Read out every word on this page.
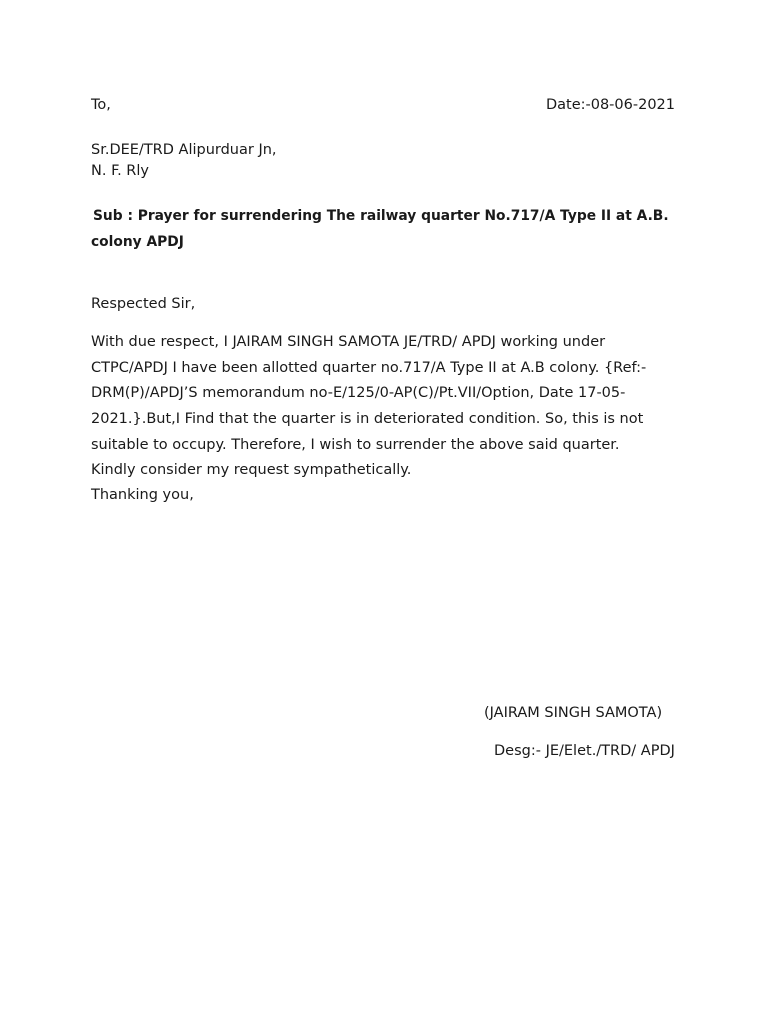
To,	Date:-08-06-2021
Sr.DEE/TRD Alipurduar Jn,
N. F. Rly
Sub : Prayer for surrendering The railway quarter No.717/A Type II at A.B.
colony APDJ
Respected Sir,
With due respect, I JAIRAM SINGH SAMOTA JE/TRD/ APDJ working under
CTPC/APDJ I have been allotted quarter no.717/A Type II at A.B colony. {Ref:-
DRM(P)/APDJ’S memorandum no-E/125/0-AP(C)/Pt.VII/Option, Date 17-05-
2021.}.But,I Find that the quarter is in deteriorated condition. So, this is not
suitable to occupy. Therefore, I wish to surrender the above said quarter.
Kindly consider my request sympathetically.
Thanking you,
(JAIRAM SINGH SAMOTA)
Desg:- JE/Elet./TRD/ APDJ
